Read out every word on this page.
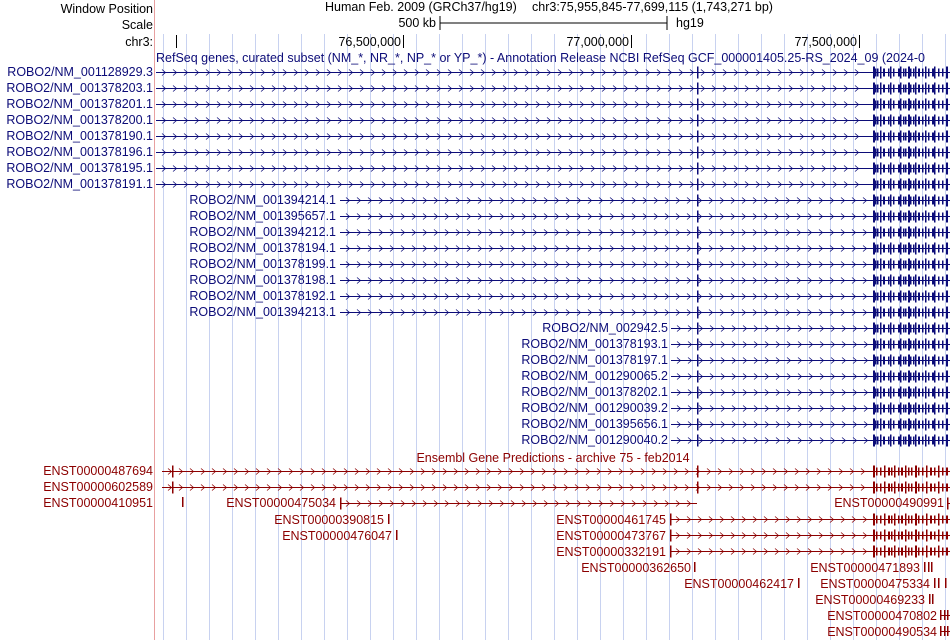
Window Position
Scale
chr3:
Human Feb. 2009 (GRCh37/hg19) chr3:75,955,845-77,699,115 (1,743,271 bp)
500 kb	hg19
76,500,000	77,000,000	77,500,000
RefSeq genes, curated subset (NM_*, NR_*, NP_* or YP_*) - Annotation Release NCBI RefSeq GCF_000001405.25-RS_2024_09 (2024-0
ROBO2/NM_001128929.3
ROBO2/NM_001378203.1
ROBO2/NM_001378201.1
ROBO2/NM_001378200.1
ROBO2/NM_001378190.1
ROBO2/NM_001378196.1
ROBO2/NM_001378195.1
ROBO2/NM_001378191.1
ROBO2/NM_001394214.1
ROBO2/NM_001395657.1
ROBO2/NM_001394212.1
ROBO2/NM_001378194.1
ROBO2/NM_001378199.1
ROBO2/NM_001378198.1
ROBO2/NM_001378192.1
ROBO2/NM_001394213.1
ROBO2/NM_002942.5
ROBO2/NM_001378193.1
ROBO2/NM_001378197.1
ROBO2/NM_001290065.2
ROBO2/NM_001378202.1
ROBO2/NM_001290039.2
ROBO2/NM_001395656.1
ROBO2/NM_001290040.2
Ensembl Gene Predictions - archive 75 - feb2014
ENST00000487694
ENST00000602589
ENST00000410951	ENST00000475034	ENST00000490991
ENST00000390815	ENST00000461745
ENST00000476047	ENST00000473767
ENST00000332191
ENST00000362650	ENST00000471893
ENST00000462417 ENST00000475334
ENST00000469233
ENST00000470802
ENST00000490534
